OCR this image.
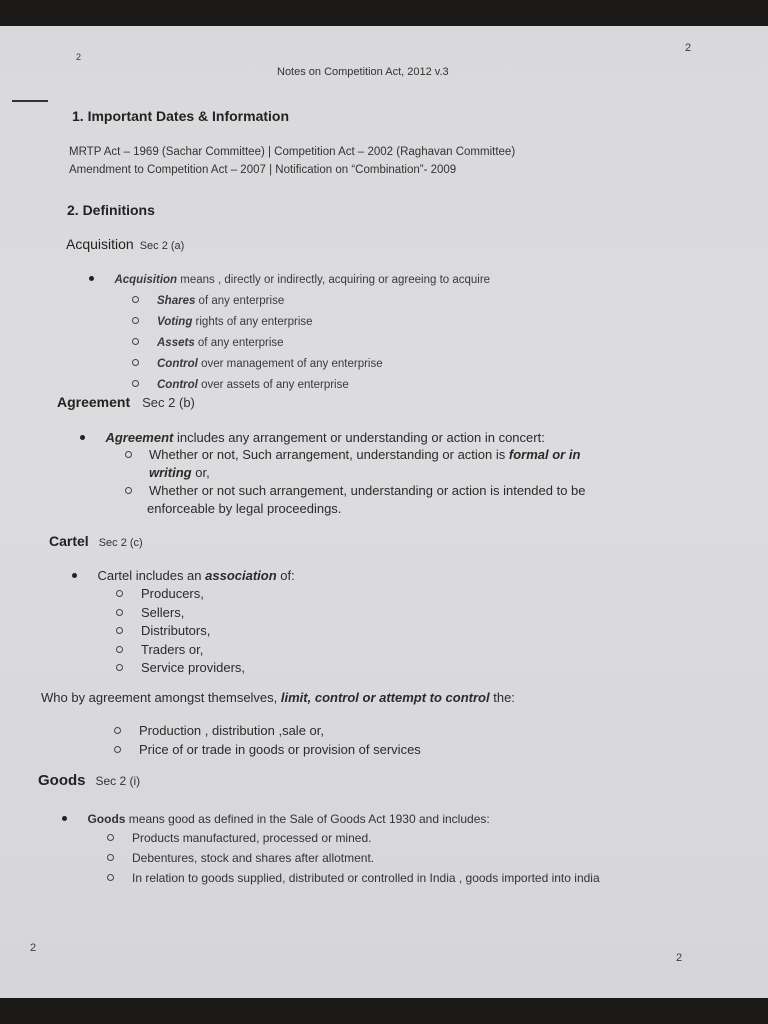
2
2
Notes on Competition Act, 2012 v.3
1. Important Dates & Information
MRTP Act – 1969 (Sachar Committee) | Competition Act – 2002 (Raghavan Committee)
Amendment to Competition Act – 2007 | Notification on “Combination”- 2009
2. Definitions
Acquisition Sec 2 (a)
Acquisition means , directly or indirectly, acquiring or agreeing to acquire
Shares of any enterprise
Voting rights of any enterprise
Assets of any enterprise
Control over management of any enterprise
Control over assets of any enterprise
Agreement Sec 2 (b)
Agreement includes any arrangement or understanding or action in concert:
Whether or not, Such arrangement, understanding or action is formal or in
writing or,
Whether or not such arrangement, understanding or action is intended to be
enforceable by legal proceedings.
Cartel Sec 2 (c)
Cartel includes an association of:
Producers,
Sellers,
Distributors,
Traders or,
Service providers,
Who by agreement amongst themselves, limit, control or attempt to control the:
Production , distribution ,sale or,
Price of or trade in goods or provision of services
Goods Sec 2 (i)
Goods means good as defined in the Sale of Goods Act 1930 and includes:
Products manufactured, processed or mined.
Debentures, stock and shares after allotment.
In relation to goods supplied, distributed or controlled in India , goods imported into india
2
2
